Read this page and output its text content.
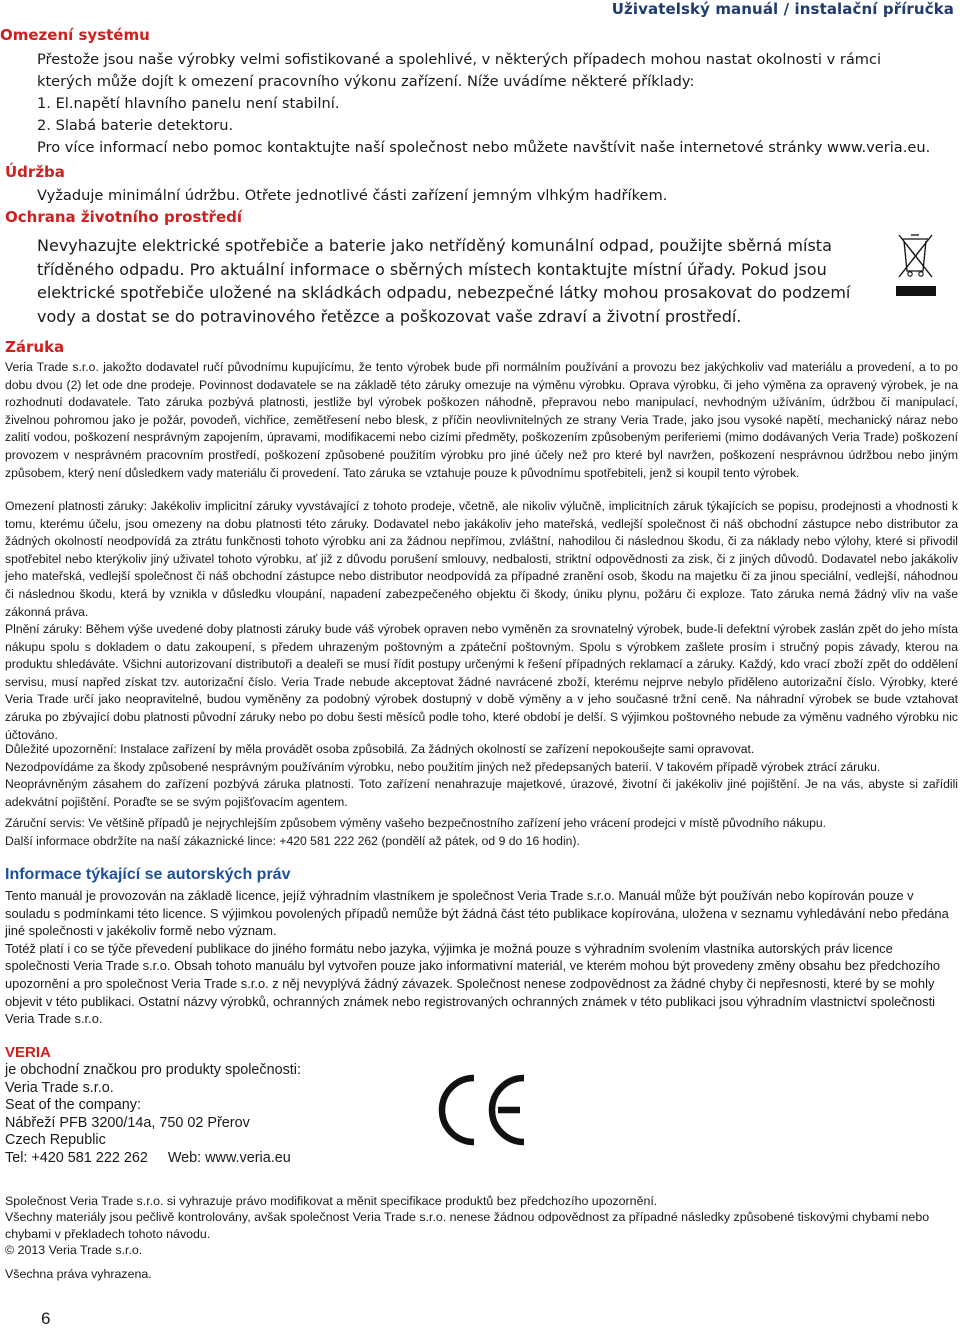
Uživatelský manuál / instalační příručka
Omezení systému

Přestože jsou naše výrobky velmi sofistikované a spolehlivé, v některých případech mohou nastat okolnosti v rámci

kterých může dojít k omezení pracovního výkonu zařízení. Níže uvádíme některé příklady:

1. El.napětí hlavního panelu není stabilní.

2. Slabá baterie detektoru.

Pro více informací nebo pomoc kontaktujte naší společnost nebo můžete navštívit naše internetové stránky www.veria.eu.

Údržba
Vyžaduje minimální údržbu. Otřete jednotlivé části zařízení jemným vlhkým hadříkem.
Ochrana životního prostředí
Nevyhazujte elektrické spotřebiče a baterie jako netříděný komunální odpad, použijte sběrná místa tříděného odpadu. Pro aktuální informace o sběrných místech kontaktujte místní úřady. Pokud jsou elektrické spotřebiče uložené na skládkách odpadu, nebezpečné látky mohou prosakovat do podzemí vody a dostat se do potravinového řetězce a poškozovat vaše zdraví a životní prostředí.
Záruka
Veria Trade s.r.o. jakožto dodavatel ručí původnímu kupujícímu, že tento výrobek bude při normálním používání a provozu bez jakýchkoliv vad materiálu a provedení, a to po dobu dvou (2) let ode dne prodeje. Povinnost dodavatele se na základě této záruky omezuje na výměnu výrobku. Oprava výrobku, či jeho výměna za opravený výrobek, je na rozhodnutí dodavatele. Tato záruka pozbývá platnosti, jestliže byl výrobek poškozen náhodně, přepravou nebo manipulací, nevhodným užíváním, údržbou či manipulací, živelnou pohromou jako je požár, povodeň, vichřice, zemětřesení nebo blesk, z příčin neovlivnitelných ze strany Veria Trade, jako jsou vysoké napětí, mechanický náraz nebo zalití vodou, poškození nesprávným zapojením, úpravami, modifikacemi nebo cizími předměty, poškozením způsobeným periferiemi (mimo dodávaných Veria Trade) poškození provozem v nesprávném pracovním prostředí, poškození způsobené použitím výrobku pro jiné účely než pro které byl navržen, poškození nesprávnou údržbou nebo jiným způsobem, který není důsledkem vady materiálu či provedení. Tato záruka se vztahuje pouze k původnímu spotřebiteli, jenž si koupil tento výrobek.
Omezení platnosti záruky: Jakékoliv implicitní záruky vyvstávající z tohoto prodeje, včetně, ale nikoliv výlučně, implicitních záruk týkajících se popisu, prodejnosti a vhodnosti k tomu, kterému účelu, jsou omezeny na dobu platnosti této záruky. Dodavatel nebo jakákoliv jeho mateřská, vedlejší společnost či náš obchodní zástupce nebo distributor za žádných okolností neodpovídá za ztrátu funkčnosti tohoto výrobku ani za žádnou nepřímou, zvláštní, nahodilou či následnou škodu, či za náklady nebo výlohy, které si přivodil spotřebitel nebo kterýkoliv jiný uživatel tohoto výrobku, ať již z důvodu porušení smlouvy, nedbalosti, striktní odpovědnosti za zisk, či z jiných důvodů. Dodavatel nebo jakákoliv jeho mateřská, vedlejší společnost či náš obchodní zástupce nebo distributor neodpovídá za případné zranění osob, škodu na majetku či za jinou speciální, vedlejší, náhodnou či následnou škodu, která by vznikla v důsledku vloupání, napadení zabezpečeného objektu či škody, úniku plynu, požáru či exploze. Tato záruka nemá žádný vliv na vaše zákonná práva.
Plnění záruky: Během výše uvedené doby platnosti záruky bude váš výrobek opraven nebo vyměněn za srovnatelný výrobek, bude-li defektní výrobek zaslán zpět do jeho místa nákupu spolu s dokladem o datu zakoupení, s předem uhrazeným poštovným a zpáteční poštovným. Spolu s výrobkem zašlete prosím i stručný popis závady, kterou na produktu shledáváte. Všichni autorizovaní distributoři a dealeři se musí řídit postupy určenými k řešení případných reklamací a záruky. Každý, kdo vrací zboží zpět do oddělení servisu, musí napřed získat tzv. autorizační číslo. Veria Trade nebude akceptovat žádné navrácené zboží, kterému nejprve nebylo přiděleno autorizační číslo. Výrobky, které Veria Trade určí jako neopravitelné, budou vyměněny za podobný výrobek dostupný v době výměny a v jeho současné tržní ceně. Na náhradní výrobek se bude vztahovat záruka po zbývající dobu platnosti původní záruky nebo po dobu šesti měsíců podle toho, které období je delší. S výjimkou poštovného nebude za výměnu vadného výrobku nic účtováno.

Důležité upozornění: Instalace zařízení by měla provádět osoba způsobilá. Za žádných okolností se zařízení nepokoušejte sami opravovat.

Nezodpovídáme za škody způsobené nesprávným používáním výrobku, nebo použitím jiných než předepsaných baterií. V takovém případě výrobek ztrácí záruku.

Neoprávněným zásahem do zařízení pozbývá záruka platnosti. Toto zařízení nenahrazuje majetkové, úrazové, životní či jakékoliv jiné pojištění. Je na vás, abyste si zařídili adekvátní pojištění. Poraďte se se svým pojišťovacím agentem.

Záruční servis: Ve většině případů je nejrychlejším způsobem výměny vašeho bezpečnostního zařízení jeho vrácení prodejci v místě původního nákupu.

Další informace obdržíte na naší zákaznické lince: +420 581 222 262 (pondělí až pátek, od 9 do 16 hodin).

Informace týkající se autorských práv

Tento manuál je provozován na základě licence, jejíž výhradním vlastníkem je společnost Veria Trade s.r.o. Manuál může být používán nebo kopírován pouze v souladu s podmínkami této licence. S výjimkou povolených případů nemůže být žádná část této publikace kopírována, uložena v seznamu vyhledávání nebo předána jiné společnosti v jakékoliv formě nebo význam.

Totéž platí i co se týče převedení publikace do jiného formátu nebo jazyka, výjimka je možná pouze s výhradním svolením vlastníka autorských práv licence společnosti Veria Trade s.r.o. Obsah tohoto manuálu byl vytvořen pouze jako informativní materiál, ve kterém mohou být provedeny změny obsahu bez předchozího upozornění a pro společnost Veria Trade s.r.o. z něj nevyplývá žádný závazek. Společnost nenese zodpovědnost za žádné chyby či nepřesnosti, které by se mohly objevit v této publikaci. Ostatní názvy výrobků, ochranných známek nebo registrovaných ochranných známek v této publikaci jsou výhradním vlastnictví společnosti Veria Trade s.r.o.

VERIA
je obchodní značkou pro produkty společnosti:
Veria Trade s.r.o.
Seat of the company:
Nábřeží PFB 3200/14a, 750 02 Přerov
Czech Republic
Tel: +420 581 222 262 Web: www.veria.eu

Společnost Veria Trade s.r.o. si vyhrazuje právo modifikovat a měnit specifikace produktů bez předchozího upozornění.

Všechny materiály jsou pečlivě kontrolovány, avšak společnost Veria Trade s.r.o. nenese žádnou odpovědnost za případné následky způsobené tiskovými chybami nebo chybami v překladech tohoto návodu.

© 2013 Veria Trade s.r.o.

Všechna práva vyhrazena.
6
